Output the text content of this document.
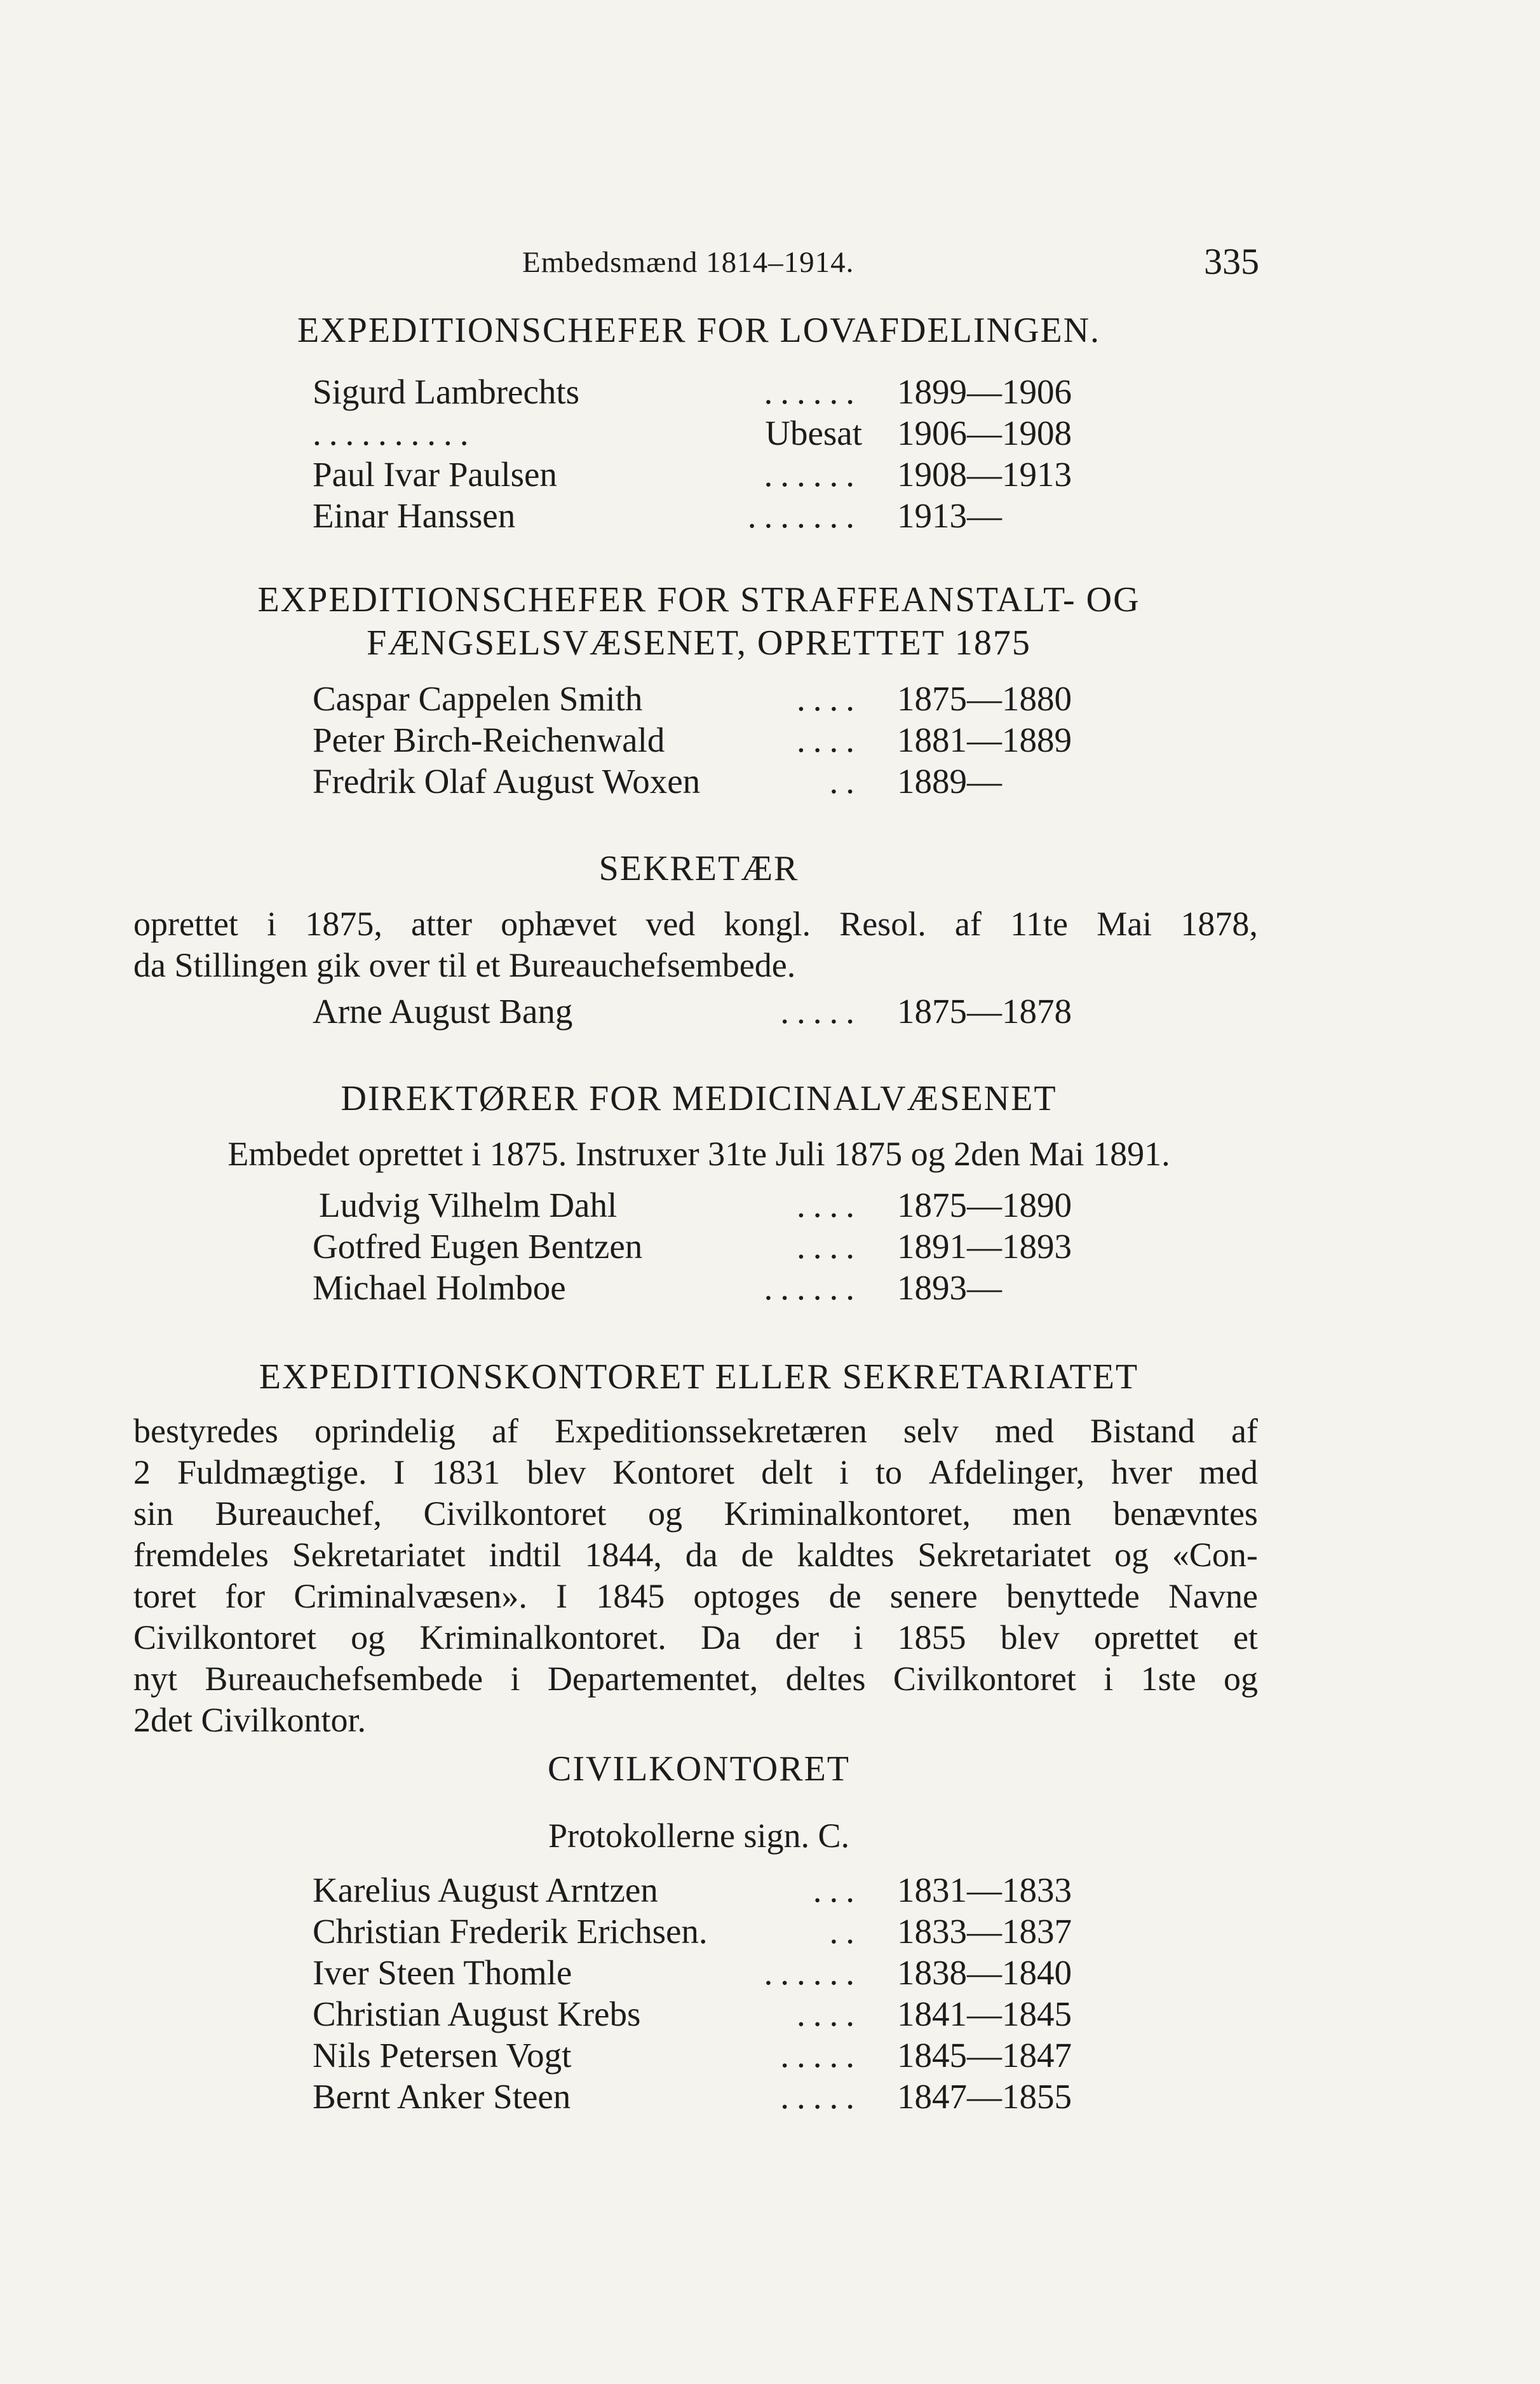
Embedsmænd 1814–1914.	335
EXPEDITIONSCHEFER FOR LOVAFDELINGEN.
Sigurd Lambrechts	...... 1899—1906
..........	Ubesat 1906—1908
Paul Ivar Paulsen	...... 1908—1913
Einar Hanssen	....... 1913—
EXPEDITIONSCHEFER FOR STRAFFEANSTALT- OG
FÆNGSELSVÆSENET, OPRETTET 1875
Caspar Cappelen Smith	.... 1875—1880
Peter Birch-Reichenwald	.... 1881—1889
Fredrik Olaf August Woxen	.. 1889—
SEKRETÆR
oprettet i 1875, atter ophævet ved kongl. Resol. af 11te Mai 1878,
da Stillingen gik over til et Bureauchefsembede.
Arne August Bang	..... 1875—1878
DIREKTØRER FOR MEDICINALVÆSENET
Embedet oprettet i 1875. Instruxer 31te Juli 1875 og 2den Mai 1891.
Ludvig Vilhelm Dahl	.... 1875—1890
Gotfred Eugen Bentzen	.... 1891—1893
Michael Holmboe	...... 1893—
EXPEDITIONSKONTORET ELLER SEKRETARIATET
bestyredes oprindelig af Expeditionssekretæren selv med Bistand af
2 Fuldmægtige. I 1831 blev Kontoret delt i to Afdelinger, hver med
sin Bureauchef, Civilkontoret og Kriminalkontoret, men benævntes
fremdeles Sekretariatet indtil 1844, da de kaldtes Sekretariatet og «Con-
toret for Criminalvæsen». I 1845 optoges de senere benyttede Navne
Civilkontoret og Kriminalkontoret. Da der i 1855 blev oprettet et
nyt Bureauchefsembede i Departementet, deltes Civilkontoret i 1ste og
2det Civilkontor.
CIVILKONTORET
Protokollerne sign. C.
Karelius August Arntzen	... 1831—1833
Christian Frederik Erichsen.	.. 1833—1837
Iver Steen Thomle	...... 1838—1840
Christian August Krebs	.... 1841—1845
Nils Petersen Vogt	..... 1845—1847
Bernt Anker Steen	..... 1847—1855
